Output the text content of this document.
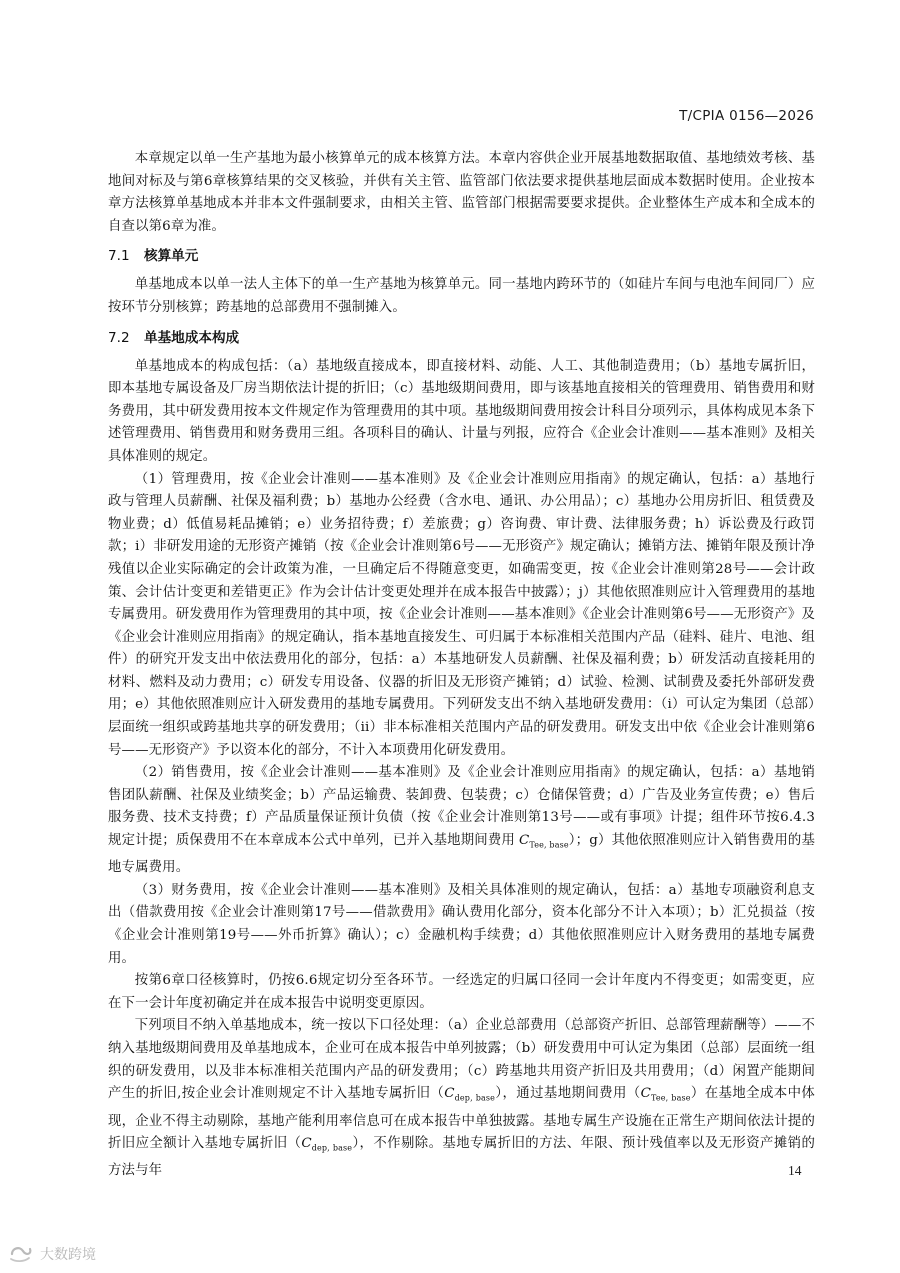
T/CPIA 0156—2026

本章规定以单一生产基地为最小核算单元的成本核算方法。本章内容供企业开展基地数据取值、基地绩效考核、基地间对标及与第6章核算结果的交叉核验，并供有关主管、监管部门依法要求提供基地层面成本数据时使用。企业按本章方法核算单基地成本并非本文件强制要求，由相关主管、监管部门根据需要要求提供。企业整体生产成本和全成本的自查以第6章为准。

7.1 核算单元

单基地成本以单一法人主体下的单一生产基地为核算单元。同一基地内跨环节的（如硅片车间与电池车间同厂）应按环节分别核算；跨基地的总部费用不强制摊入。

7.2 单基地成本构成

单基地成本的构成包括：（a）基地级直接成本，即直接材料、动能、人工、其他制造费用；（b）基地专属折旧，即本基地专属设备及厂房当期依法计提的折旧；（c）基地级期间费用，即与该基地直接相关的管理费用、销售费用和财务费用，其中研发费用按本文件规定作为管理费用的其中项。基地级期间费用按会计科目分项列示，具体构成见本条下述管理费用、销售费用和财务费用三组。各项科目的确认、计量与列报，应符合《企业会计准则——基本准则》及相关具体准则的规定。

（1）管理费用，按《企业会计准则——基本准则》及《企业会计准则应用指南》的规定确认，包括：a）基地行政与管理人员薪酬、社保及福利费；b）基地办公经费（含水电、通讯、办公用品）；c）基地办公用房折旧、租赁费及物业费；d）低值易耗品摊销；e）业务招待费；f）差旅费；g）咨询费、审计费、法律服务费；h）诉讼费及行政罚款；i）非研发用途的无形资产摊销（按《企业会计准则第6号——无形资产》规定确认；摊销方法、摊销年限及预计净残值以企业实际确定的会计政策为准，一旦确定后不得随意变更，如确需变更，按《企业会计准则第28号——会计政策、会计估计变更和差错更正》作为会计估计变更处理并在成本报告中披露）；j）其他依照准则应计入管理费用的基地专属费用。研发费用作为管理费用的其中项，按《企业会计准则——基本准则》《企业会计准则第6号——无形资产》及《企业会计准则应用指南》的规定确认，指本基地直接发生、可归属于本标准相关范围内产品（硅料、硅片、电池、组件）的研究开发支出中依法费用化的部分，包括：a）本基地研发人员薪酬、社保及福利费；b）研发活动直接耗用的材料、燃料及动力费用；c）研发专用设备、仪器的折旧及无形资产摊销；d）试验、检测、试制费及委托外部研发费用；e）其他依照准则应计入研发费用的基地专属费用。下列研发支出不纳入基地研发费用：（i）可认定为集团（总部）层面统一组织或跨基地共享的研发费用；（ii）非本标准相关范围内产品的研发费用。研发支出中依《企业会计准则第6号——无形资产》予以资本化的部分，不计入本项费用化研发费用。

（2）销售费用，按《企业会计准则——基本准则》及《企业会计准则应用指南》的规定确认，包括：a）基地销售团队薪酬、社保及业绩奖金；b）产品运输费、装卸费、包装费；c）仓储保管费；d）广告及业务宣传费；e）售后服务费、技术支持费；f）产品质量保证预计负债（按《企业会计准则第13号——或有事项》计提；组件环节按6.4.3规定计提；质保费用不在本章成本公式中单列，已并入基地期间费用 $C_{Tee, base}$）；g）其他依照准则应计入销售费用的基地专属费用。

（3）财务费用，按《企业会计准则——基本准则》及相关具体准则的规定确认，包括：a）基地专项融资利息支出（借款费用按《企业会计准则第17号——借款费用》确认费用化部分，资本化部分不计入本项）；b）汇兑损益（按《企业会计准则第19号——外币折算》确认）；c）金融机构手续费；d）其他依照准则应计入财务费用的基地专属费用。

按第6章口径核算时，仍按6.6规定切分至各环节。一经选定的归属口径同一会计年度内不得变更；如需变更，应在下一会计年度初确定并在成本报告中说明变更原因。

下列项目不纳入单基地成本，统一按以下口径处理：（a）企业总部费用（总部资产折旧、总部管理薪酬等）——不纳入基地级期间费用及单基地成本，企业可在成本报告中单列披露；（b）研发费用中可认定为集团（总部）层面统一组织的研发费用，以及非本标准相关范围内产品的研发费用；（c）跨基地共用资产折旧及共用费用；（d）闲置产能期间产生的折旧,按企业会计准则规定不计入基地专属折旧$(C_{dep, base})$，通过基地期间费用$(C_{Tee, base})$在基地全成本中体现，企业不得主动剔除，基地产能利用率信息可在成本报告中单独披露。基地专属生产设施在正常生产期间依法计提的折旧应全额计入基地专属折旧$(C_{dep, base})$，不作剔除。基地专属折旧的方法、年限、预计残值率以及无形资产摊销的方法与年	14
大数跨境
